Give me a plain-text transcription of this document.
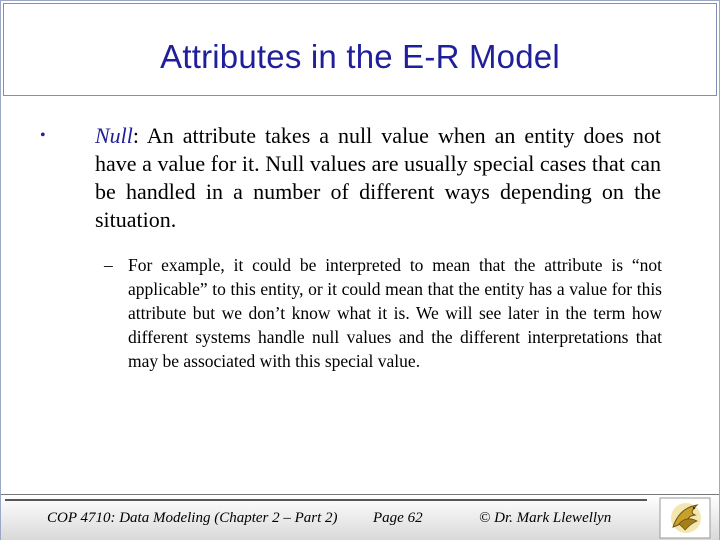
Attributes in the E-R Model
• Null: An attribute takes a null value when an entity does not have a value for it. Null values are usually special cases that can be handled in a number of different ways depending on the situation.
– For example, it could be interpreted to mean that the attribute is “not applicable” to this entity, or it could mean that the entity has a value for this attribute but we don’t know what it is. We will see later in the term how different systems handle null values and the different interpretations that may be associated with this special value.
COP 4710: Data Modeling (Chapter 2 – Part 2) Page 62	© Dr. Mark Llewellyn
